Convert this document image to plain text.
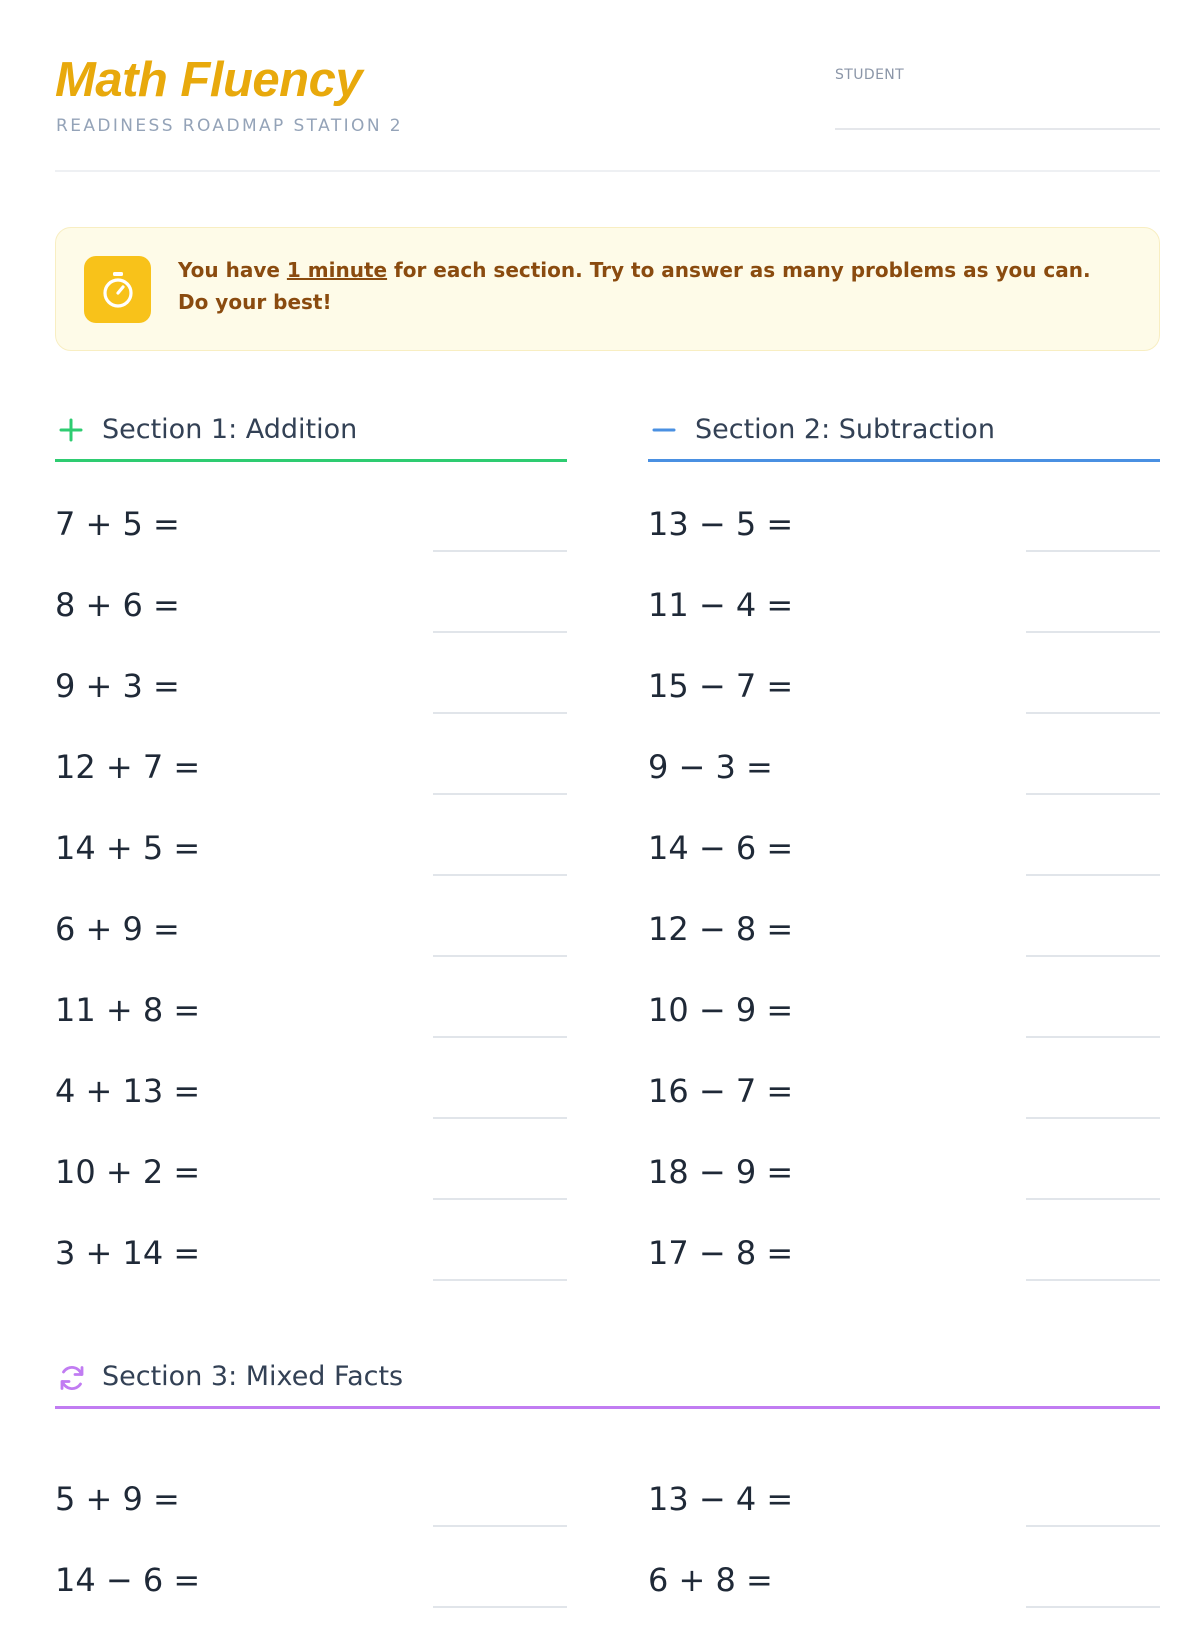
Math Fluency
READINESS ROADMAP STATION 2
STUDENT
You have 1 minute for each section. Try to answer as many problems as you can. Do your best!
Section 1: Addition
7 + 5 =
8 + 6 =
9 + 3 =
12 + 7 =
14 + 5 =
6 + 9 =
11 + 8 =
4 + 13 =
10 + 2 =
3 + 14 =
Section 2: Subtraction
13 − 5 =
11 − 4 =
15 − 7 =
9 − 3 =
14 − 6 =
12 − 8 =
10 − 9 =
16 − 7 =
18 − 9 =
17 − 8 =
Section 3: Mixed Facts
5 + 9 =
14 − 6 =
13 − 4 =
6 + 8 =
